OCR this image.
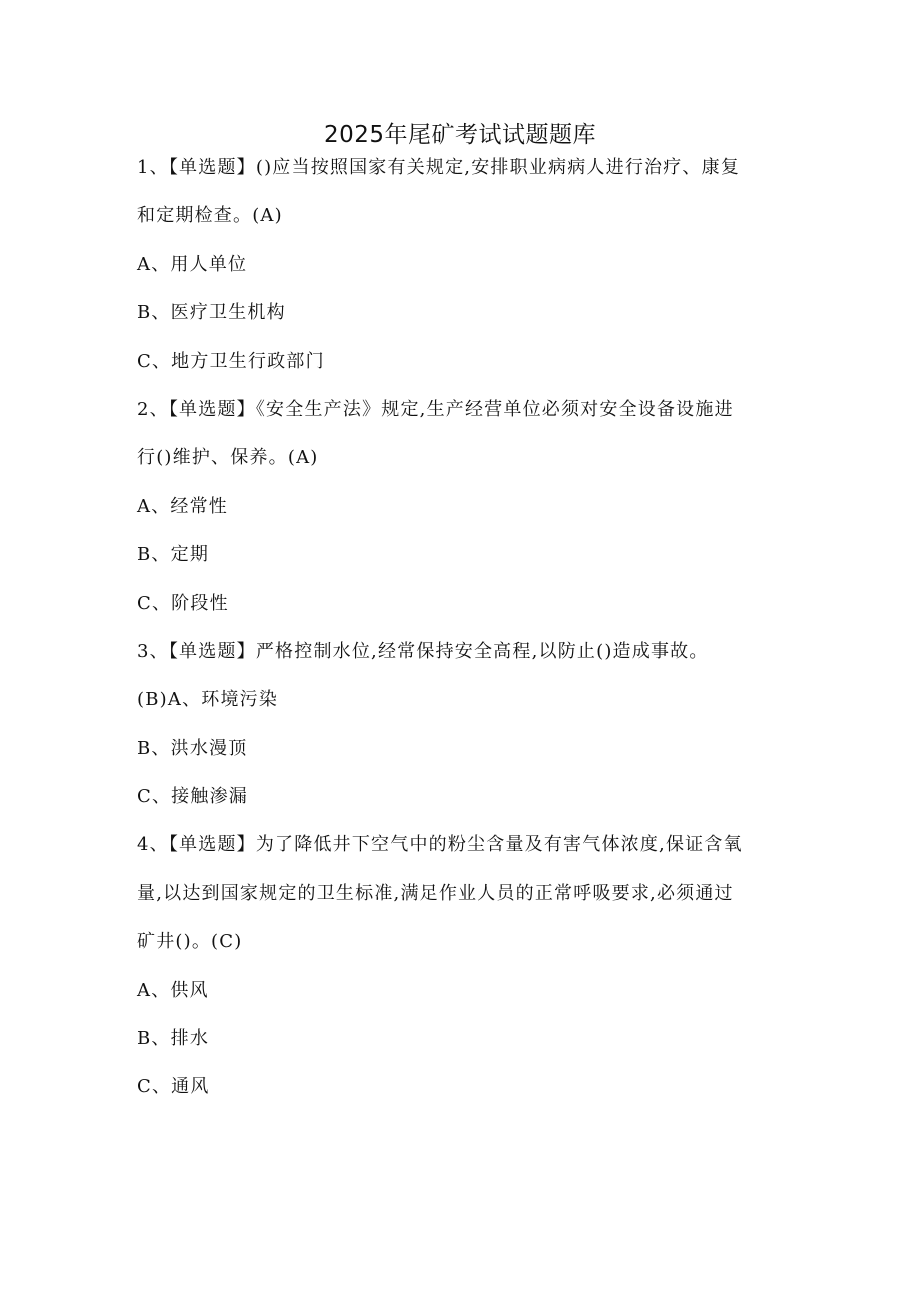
2025年尾矿考试试题题库
1、【单选题】()应当按照国家有关规定,安排职业病病人进行治疗、康复
和定期检查。(A)
A、用人单位
B、医疗卫生机构
C、地方卫生行政部门
2、【单选题】《安全生产法》规定,生产经营单位必须对安全设备设施进
行()维护、保养。(A)
A、经常性
B、定期
C、阶段性
3、【单选题】严格控制水位,经常保持安全高程,以防止()造成事故。
(B)A、环境污染
B、洪水漫顶
C、接触渗漏
4、【单选题】为了降低井下空气中的粉尘含量及有害气体浓度,保证含氧
量,以达到国家规定的卫生标准,满足作业人员的正常呼吸要求,必须通过
矿井()。(C)
A、供风
B、排水
C、通风
